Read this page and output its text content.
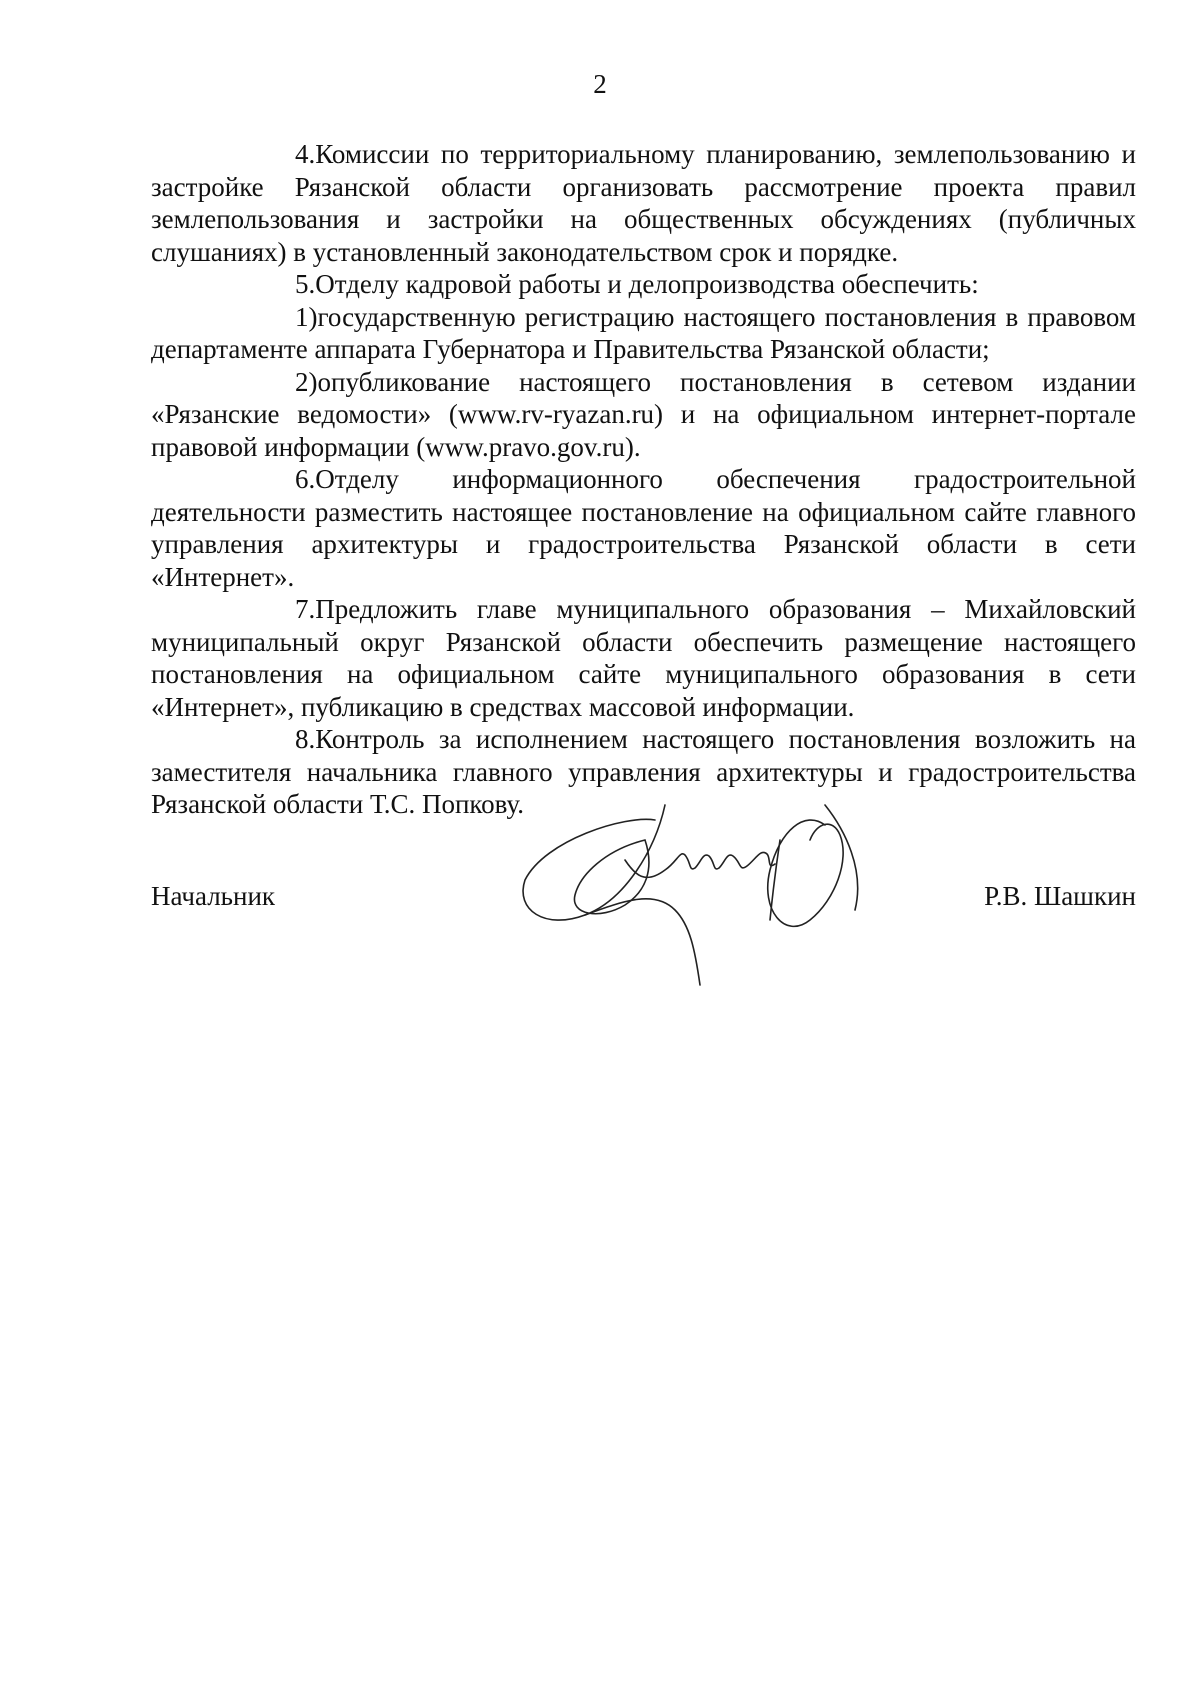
2

4.Комиссии по территориальному планированию, землепользованию и застройке Рязанской области организовать рассмотрение проекта правил землепользования и застройки на общественных обсуждениях (публичных слушаниях) в установленный законодательством срок и порядке.

5.Отделу кадровой работы и делопроизводства обеспечить:

1)государственную регистрацию настоящего постановления в правовом департаменте аппарата Губернатора и Правительства Рязанской области;

2)опубликование настоящего постановления в сетевом издании «Рязанские ведомости» (www.rv-ryazan.ru) и на официальном интернет-портале правовой информации (www.pravo.gov.ru).

6.Отделу информационного обеспечения градостроительной деятельности разместить настоящее постановление на официальном сайте главного управления архитектуры и градостроительства Рязанской области в сети «Интернет».

7.Предложить главе муниципального образования – Михайловский муниципальный округ Рязанской области обеспечить размещение настоящего постановления на официальном сайте муниципального образования в сети «Интернет», публикацию в средствах массовой информации.

8.Контроль за исполнением настоящего постановления возложить на заместителя начальника главного управления архитектуры и градостроительства Рязанской области Т.С. Попкову.

Начальник	Р.В. Шашкин
